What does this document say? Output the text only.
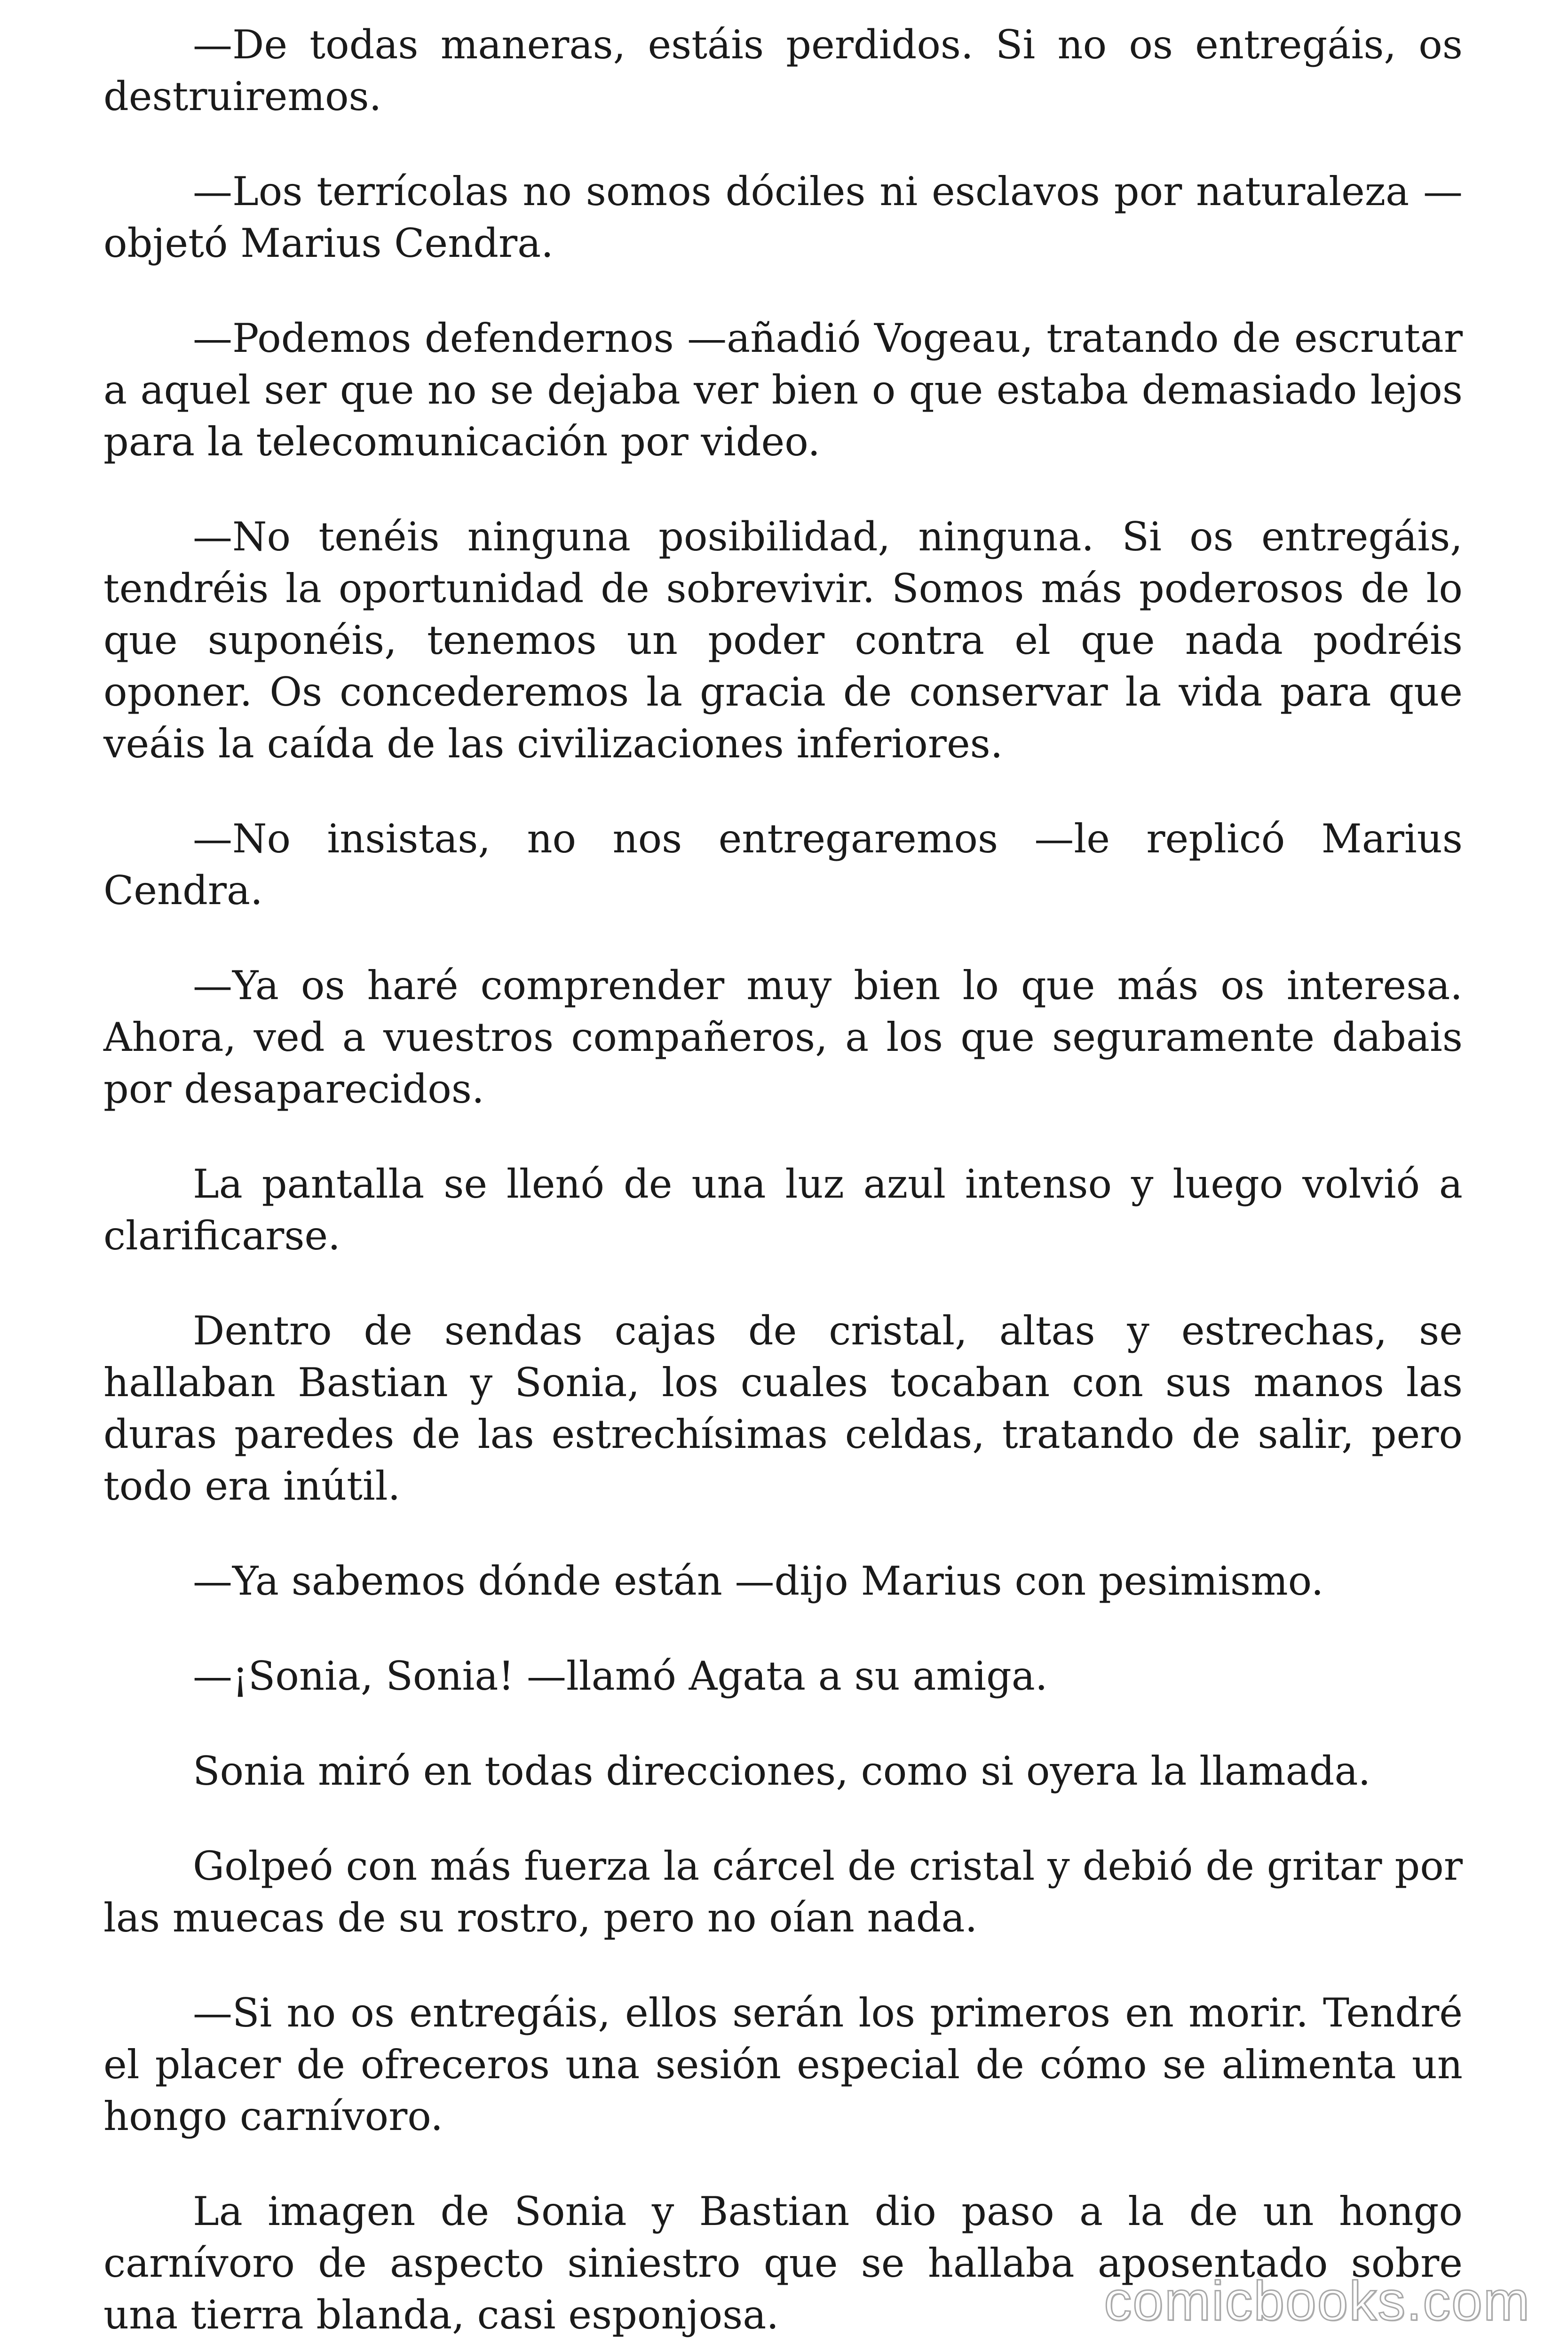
—De todas maneras, estáis perdidos. Si no os entregáis, os destruiremos.

—Los terrícolas no somos dóciles ni esclavos por naturaleza —objetó Marius Cendra.

—Podemos defendernos —añadió Vogeau, tratando de escrutar a aquel ser que no se dejaba ver bien o que estaba demasiado lejos para la telecomunicación por video.

—No tenéis ninguna posibilidad, ninguna. Si os entregáis, tendréis la oportunidad de sobrevivir. Somos más poderosos de lo que suponéis, tenemos un poder contra el que nada podréis oponer. Os concederemos la gracia de conservar la vida para que veáis la caída de las civilizaciones inferiores.

—No insistas, no nos entregaremos —le replicó Marius Cendra.

—Ya os haré comprender muy bien lo que más os interesa. Ahora, ved a vuestros compañeros, a los que seguramente dabais por desaparecidos.

La pantalla se llenó de una luz azul intenso y luego volvió a clarificarse.

Dentro de sendas cajas de cristal, altas y estrechas, se hallaban Bastian y Sonia, los cuales tocaban con sus manos las duras paredes de las estrechísimas celdas, tratando de salir, pero todo era inútil.

—Ya sabemos dónde están —dijo Marius con pesimismo.

—¡Sonia, Sonia! —llamó Agata a su amiga.

Sonia miró en todas direcciones, como si oyera la llamada.

Golpeó con más fuerza la cárcel de cristal y debió de gritar por las muecas de su rostro, pero no oían nada.

—Si no os entregáis, ellos serán los primeros en morir. Tendré el placer de ofreceros una sesión especial de cómo se alimenta un hongo carnívoro.

La imagen de Sonia y Bastian dio paso a la de un hongo carnívoro de aspecto siniestro que se hallaba aposentado sobre una tierra blanda, casi esponjosa.	comicbooks.com
